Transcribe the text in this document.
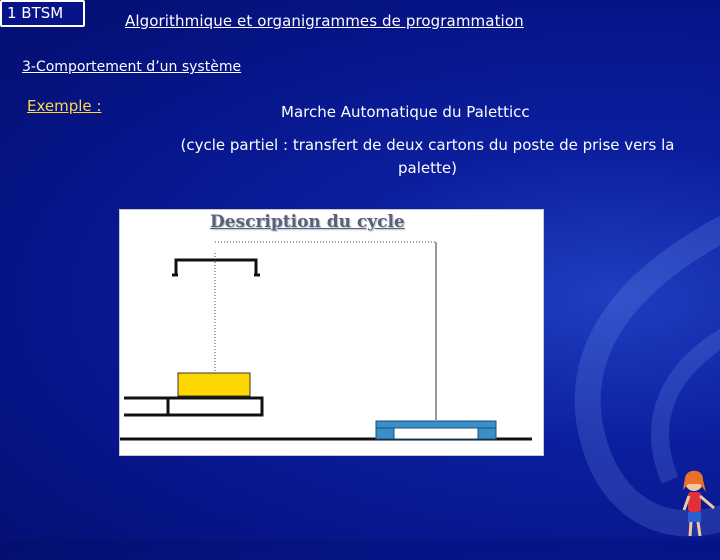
1 BTSM	Algorithmique et organigrammes de programmation
3-Comportement d’un système
Exemple :	Marche Automatique du Paletticc
(cycle partiel : transfert de deux cartons du poste de prise vers la palette)
Description du cycle
